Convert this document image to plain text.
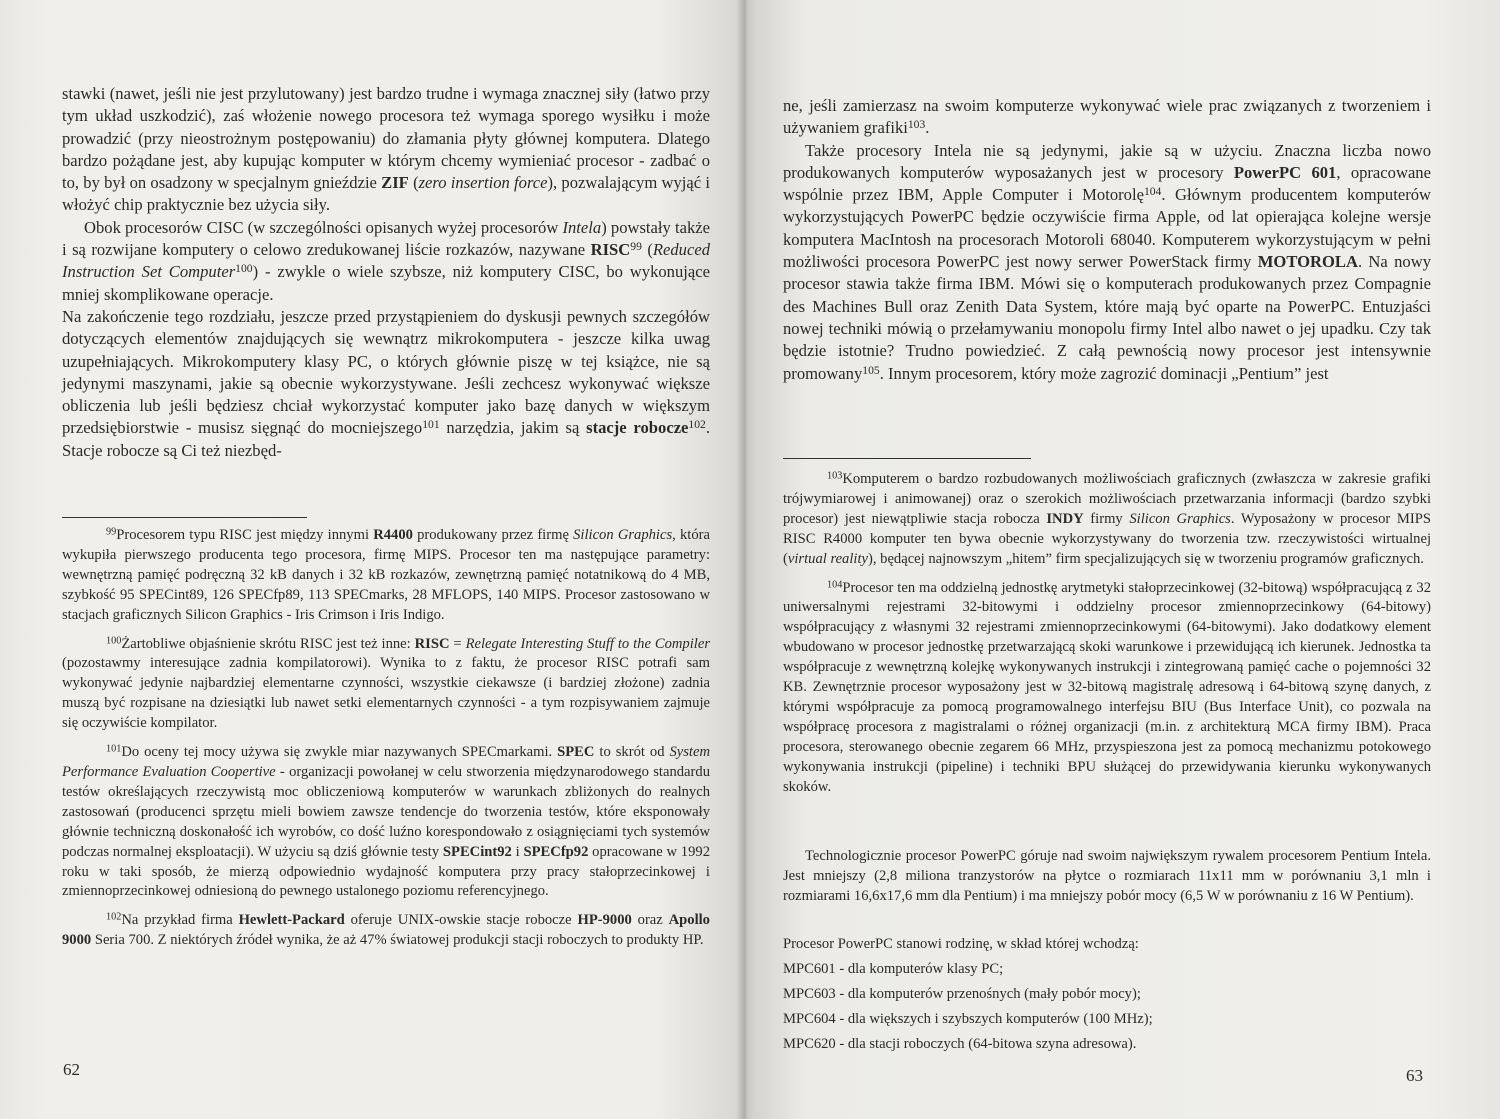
stawki (nawet, jeśli nie jest przylutowany) jest bardzo trudne i wymaga znacznej siły (łatwo przy tym układ uszkodzić), zaś włożenie nowego procesora też wymaga sporego wysiłku i może prowadzić (przy nieostrożnym postępowaniu) do złamania płyty głównej komputera. Dlatego bardzo pożądane jest, aby kupując komputer w którym chcemy wymieniać procesor - zadbać o to, by był on osadzony w specjalnym gnieździe ZIF (zero insertion force), pozwalającym wyjąć i włożyć chip praktycznie bez użycia siły.

Obok procesorów CISC (w szczególności opisanych wyżej procesorów Intela) powstały także i są rozwijane komputery o celowo zredukowanej liście rozkazów, nazywane RISC$^{99}$ (Reduced Instruction Set Computer$^{100}$) - zwykle o wiele szybsze, niż komputery CISC, bo wykonujące mniej skomplikowane operacje.

Na zakończenie tego rozdziału, jeszcze przed przystąpieniem do dyskusji pewnych szczegółów dotyczących elementów znajdujących się wewnątrz mikrokomputera - jeszcze kilka uwag uzupełniających. Mikrokomputery klasy PC, o których głównie piszę w tej książce, nie są jedynymi maszynami, jakie są obecnie wykorzystywane. Jeśli zechcesz wykonywać większe obliczenia lub jeśli będziesz chciał wykorzystać komputer jako bazę danych w większym przedsiębiorstwie - musisz sięgnąć do mocniejszego$^{101}$ narzędzia, jakim są stacje robocze$^{102}$. Stacje robocze są Ci też niezbęd-

$^{99}$Procesorem typu RISC jest między innymi R4400 produkowany przez firmę Silicon Graphics, która wykupiła pierwszego producenta tego procesora, firmę MIPS. Procesor ten ma następujące parametry: wewnętrzną pamięć podręczną 32 kB danych i 32 kB rozkazów, zewnętrzną pamięć notatnikową do 4 MB, szybkość 95 SPECint89, 126 SPECfp89, 113 SPECmarks, 28 MFLOPS, 140 MIPS. Procesor zastosowano w stacjach graficznych Silicon Graphics - Iris Crimson i Iris Indigo.

$^{100}$Żartobliwe objaśnienie skrótu RISC jest też inne: RISC = Relegate Interesting Stuff to the Compiler (pozostawmy interesujące zadnia kompilatorowi). Wynika to z faktu, że procesor RISC potrafi sam wykonywać jedynie najbardziej elementarne czynności, wszystkie ciekawsze (i bardziej złożone) zadnia muszą być rozpisane na dziesiątki lub nawet setki elementarnych czynności - a tym rozpisywaniem zajmuje się oczywiście kompilator.

$^{101}$Do oceny tej mocy używa się zwykle miar nazywanych SPECmarkami. SPEC to skrót od System Performance Evaluation Coopertive - organizacji powołanej w celu stworzenia międzynarodowego standardu testów określających rzeczywistą moc obliczeniową komputerów w warunkach zbliżonych do realnych zastosowań (producenci sprzętu mieli bowiem zawsze tendencje do tworzenia testów, które eksponowały głównie techniczną doskonałość ich wyrobów, co dość luźno korespondowało z osiągnięciami tych systemów podczas normalnej eksploatacji). W użyciu są dziś głównie testy SPECint92 i SPECfp92 opracowane w 1992 roku w taki sposób, że mierzą odpowiednio wydajność komputera przy pracy stałoprzecinkowej i zmiennoprzecinkowej odniesioną do pewnego ustalonego poziomu referencyjnego.

$^{102}$Na przykład firma Hewlett-Packard oferuje UNIX-owskie stacje robocze HP-9000 oraz Apollo 9000 Seria 700. Z niektórych źródeł wynika, że aż 47% światowej produkcji stacji roboczych to produkty HP.

62

ne, jeśli zamierzasz na swoim komputerze wykonywać wiele prac związanych z tworzeniem i używaniem grafiki$^{103}$.

Także procesory Intela nie są jedynymi, jakie są w użyciu. Znaczna liczba nowo produkowanych komputerów wyposażanych jest w procesory PowerPC 601, opracowane wspólnie przez IBM, Apple Computer i Motorolę$^{104}$. Głównym producentem komputerów wykorzystujących PowerPC będzie oczywiście firma Apple, od lat opierająca kolejne wersje komputera MacIntosh na procesorach Motoroli 68040. Komputerem wykorzystującym w pełni możliwości procesora PowerPC jest nowy serwer PowerStack firmy MOTOROLA. Na nowy procesor stawia także firma IBM. Mówi się o komputerach produkowanych przez Compagnie des Machines Bull oraz Zenith Data System, które mają być oparte na PowerPC. Entuzjaści nowej techniki mówią o przełamywaniu monopolu firmy Intel albo nawet o jej upadku. Czy tak będzie istotnie? Trudno powiedzieć. Z całą pewnością nowy procesor jest intensywnie promowany$^{105}$. Innym procesorem, który może zagrozić dominacji „Pentium” jest

$^{103}$Komputerem o bardzo rozbudowanych możliwościach graficznych (zwłaszcza w zakresie grafiki trójwymiarowej i animowanej) oraz o szerokich możliwościach przetwarzania informacji (bardzo szybki procesor) jest niewątpliwie stacja robocza INDY firmy Silicon Graphics. Wyposażony w procesor MIPS RISC R4000 komputer ten bywa obecnie wykorzystywany do tworzenia tzw. rzeczywistości wirtualnej (virtual reality), będącej najnowszym „hitem” firm specjalizujących się w tworzeniu programów graficznych.

$^{104}$Procesor ten ma oddzielną jednostkę arytmetyki stałoprzecinkowej (32-bitową) współpracującą z 32 uniwersalnymi rejestrami 32-bitowymi i oddzielny procesor zmiennoprzecinkowy (64-bitowy) współpracujący z własnymi 32 rejestrami zmiennoprzecinkowymi (64-bitowymi). Jako dodatkowy element wbudowano w procesor jednostkę przetwarzającą skoki warunkowe i przewidującą ich kierunek. Jednostka ta współpracuje z wewnętrzną kolejkę wykonywanych instrukcji i zintegrowaną pamięć cache o pojemności 32 KB. Zewnętrznie procesor wyposażony jest w 32-bitową magistralę adresową i 64-bitową szynę danych, z którymi współpracuje za pomocą programowalnego interfejsu BIU (Bus Interface Unit), co pozwala na współpracę procesora z magistralami o różnej organizacji (m.in. z architekturą MCA firmy IBM). Praca procesora, sterowanego obecnie zegarem 66 MHz, przyspieszona jest za pomocą mechanizmu potokowego wykonywania instrukcji (pipeline) i techniki BPU służącej do przewidywania kierunku wykonywanych skoków.

Technologicznie procesor PowerPC góruje nad swoim największym rywalem procesorem Pentium Intela. Jest mniejszy (2,8 miliona tranzystorów na płytce o rozmiarach 11x11 mm w porównaniu 3,1 mln i rozmiarami 16,6x17,6 mm dla Pentium) i ma mniejszy pobór mocy (6,5 W w porównaniu z 16 W Pentium).

Procesor PowerPC stanowi rodzinę, w skład której wchodzą:
MPC601 - dla komputerów klasy PC;
MPC603 - dla komputerów przenośnych (mały pobór mocy);
MPC604 - dla większych i szybszych komputerów (100 MHz);
MPC620 - dla stacji roboczych (64-bitowa szyna adresowa).
63
